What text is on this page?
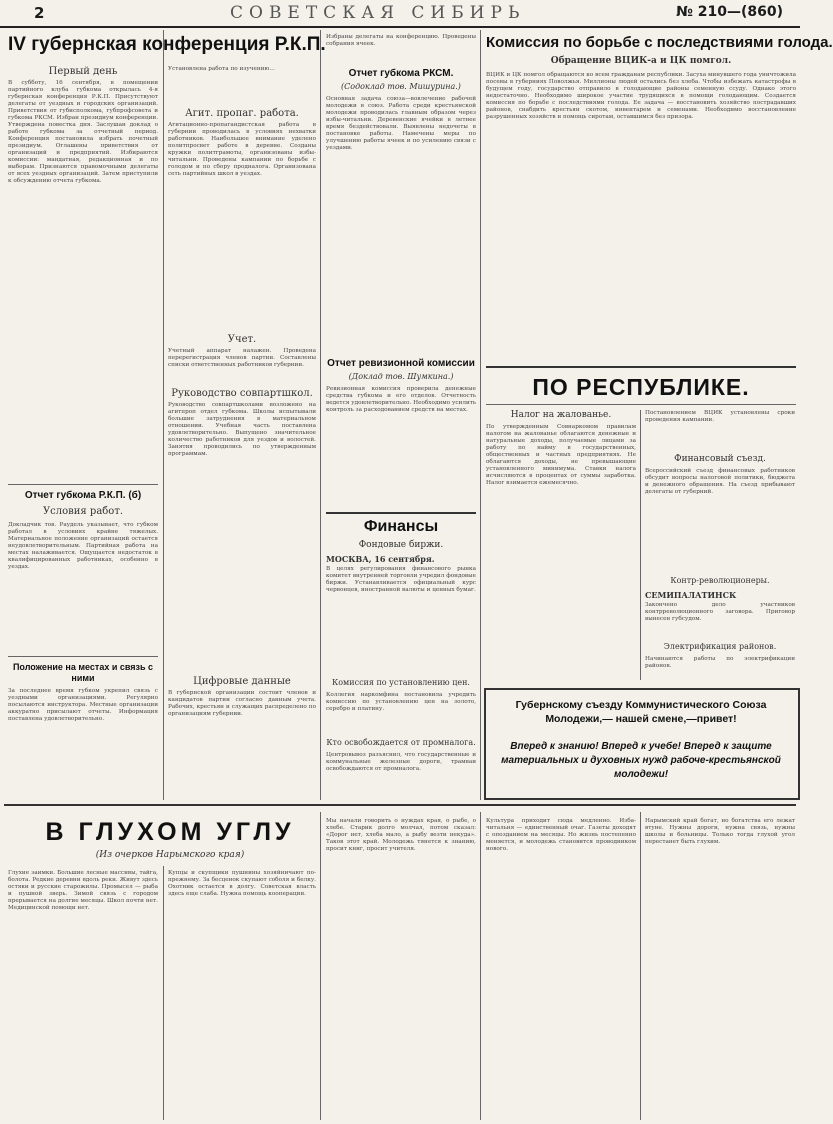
2	СОВЕТСКАЯ СИБИРЬ	№ 210—(860)
IV губернская конференция Р.К.П.
Первый день
В субботу, 16 сентября, в помещении партийного клуба губкома открылась 4-я губернская конференция Р.К.П. Присутствуют делегаты от уездных и городских организаций. Приветствия от губисполкома, губпрофсовета и губкома РКСМ. Избран президиум конференции. Утверждена повестка дня. Заслушан доклад о работе губкома за отчетный период. Конференция постановила избрать почетный президиум. Оглашены приветствия от организаций и предприятий. Избираются комиссии: мандатная, редакционная и по выборам. Признаются правомочными делегаты от всех уездных организаций. Затем приступили к обсуждению отчета губкома.
Отчет губкома Р.К.П. (б)
Условия работ.
Докладчик тов. Раудель указывает, что губком работал в условиях крайне тяжелых. Материальное положение организаций остается неудовлетворительным. Партийная работа на местах налаживается. Ощущается недостаток в квалифицированных работниках, особенно в уездах.
Положение на местах и связь с ними
За последнее время губком укрепил связь с уездными организациями. Регулярно посылаются инструктора. Местные организации аккуратно присылают отчеты. Информация поставлена удовлетворительно.
Установлена работа по изучению...
Агит. пропаг. работа.
Агитационно-пропагандистская работа в губернии проводилась в условиях нехватки работников. Наибольшее внимание уделено политпросвет работе в деревне. Созданы кружки политграмоты, организованы избы-читальни. Проведены кампании по борьбе с голодом и по сбору продналога. Организована сеть партийных школ в уездах.
Учет.
Учетный аппарат налажен. Проведена перерегистрация членов партии. Составлены списки ответственных работников губернии.
Руководство совпартшкол.
Руководство совпартшколами возложено на агитпроп отдел губкома. Школы испытывали большие затруднения в материальном отношении. Учебная часть поставлена удовлетворительно. Выпущено значительное количество работников для уездов и волостей. Занятия проводились по утвержденным программам.
Цифровые данные
В губернской организации состоит членов и кандидатов партии согласно данным учета. Рабочих, крестьян и служащих распределено по организациям губернии.
Избраны делегаты на конференцию. Проведены собрания ячеек.
Отчет губкома РКСМ.
(Содоклад тов. Мишурина.)
Основная задача союза—вовлечение рабочей молодежи в союз. Работа среди крестьянской молодежи проводилась главным образом через избы-читальни. Деревенские ячейки в летнее время бездействовали. Выявлены недочеты в постановке работы. Намечены меры по улучшению работы ячеек и по усилению связи с уездами.
Отчет ревизионной комиссии
(Доклад тов. Шумкина.)
Ревизионная комиссия проверила денежные средства губкома и его отделов. Отчетность ведется удовлетворительно. Необходимо усилить контроль за расходованием средств на местах.
Финансы
Фондовые биржи.
МОСКВА, 16 сентября.
В целях регулирования финансового рынка комитет внутренней торговли учредил фондовые биржи. Устанавливается официальный курс червонцев, иностранной валюты и ценных бумаг.
Комиссия по установлению цен.
Коллегия наркомфина постановила учредить комиссию по установлению цен на золото, серебро и платину.
Кто освобождается от промналога.
Центровывоз разъяснил, что государственные и коммунальные железные дороги, трамваи освобождаются от промналога.
Комиссия по борьбе с последствиями голода.
Обращение ВЦИК-а и ЦК помгол.
ВЦИК и ЦК помгол обращаются ко всем гражданам республики. Засуха минувшего года уничтожила посевы в губерниях Поволжья. Миллионы людей остались без хлеба. Чтобы избежать катастрофы в будущем году, государство отправило в голодающие районы семенную ссуду. Однако этого недостаточно. Необходимо широкое участие трудящихся в помощи голодающим. Создается комиссия по борьбе с последствиями голода. Ее задача — восстановить хозяйство пострадавших районов, снабдить крестьян скотом, инвентарем и семенами. Необходимо восстановление разрушенных хозяйств и помощь сиротам, оставшимся без призора.
ПО РЕСПУБЛИКЕ.
Налог на жалованье.
По утвержденным Совнаркомом правилам налогом на жалованье облагаются денежные и натуральные доходы, получаемые лицами за работу по найму в государственных, общественных и частных предприятиях. Не облагаются доходы, не превышающие установленного минимума. Ставки налога исчисляются в процентах от суммы заработка. Налог взимается ежемесячно.
Постановлением ВЦИК установлены сроки проведения кампании.
Финансовый съезд.
Всероссийский съезд финансовых работников обсудит вопросы налоговой политики, бюджета и денежного обращения. На съезд прибывают делегаты от губерний.
Контр-революционеры.
СЕМИПАЛАТИНСК
Закончено дело участников контрреволюционного заговора. Приговор вынесен губсудом.
Электрификация районов.
Начинаются работы по электрификации районов.
Губернскому съезду Коммунистического Союза Молодежи,— нашей смене,—привет!
Вперед к знанию! Вперед к учебе! Вперед к защите материальных и духовных нужд рабоче-крестьянской молодежи!
В ГЛУХОМ УГЛУ
(Из очерков Нарымского края)
Глухие заимки. Большие лесные массивы, тайга, болота. Редкие деревни вдоль реки. Живут здесь остяки и русские старожилы. Промысел — рыба и пушной зверь. Зимой связь с городом прерывается на долгие месяцы. Школ почти нет. Медицинской помощи нет.
Купцы и скупщики пушнины хозяйничают по-прежнему. За бесценок скупают соболя и белку. Охотник остается в долгу. Советская власть здесь еще слаба. Нужна помощь кооперации.
Мы начали говорить о нуждах края, о рыбе, о хлебе. Старик долго молчал, потом сказал: «Дорог нет, хлеба мало, а рыбу везти некуда». Таков этот край. Молодежь тянется к знанию, просит книг, просит учителя.
Культура приходит сюда медленно. Изба-читальня — единственный очаг. Газеты доходят с опозданием на месяцы. Но жизнь постепенно меняется, и молодежь становится проводником нового.
Нарымский край богат, но богатства его лежат втуне. Нужны дороги, нужна связь, нужны школы и больницы. Только тогда глухой угол перестанет быть глухим.
